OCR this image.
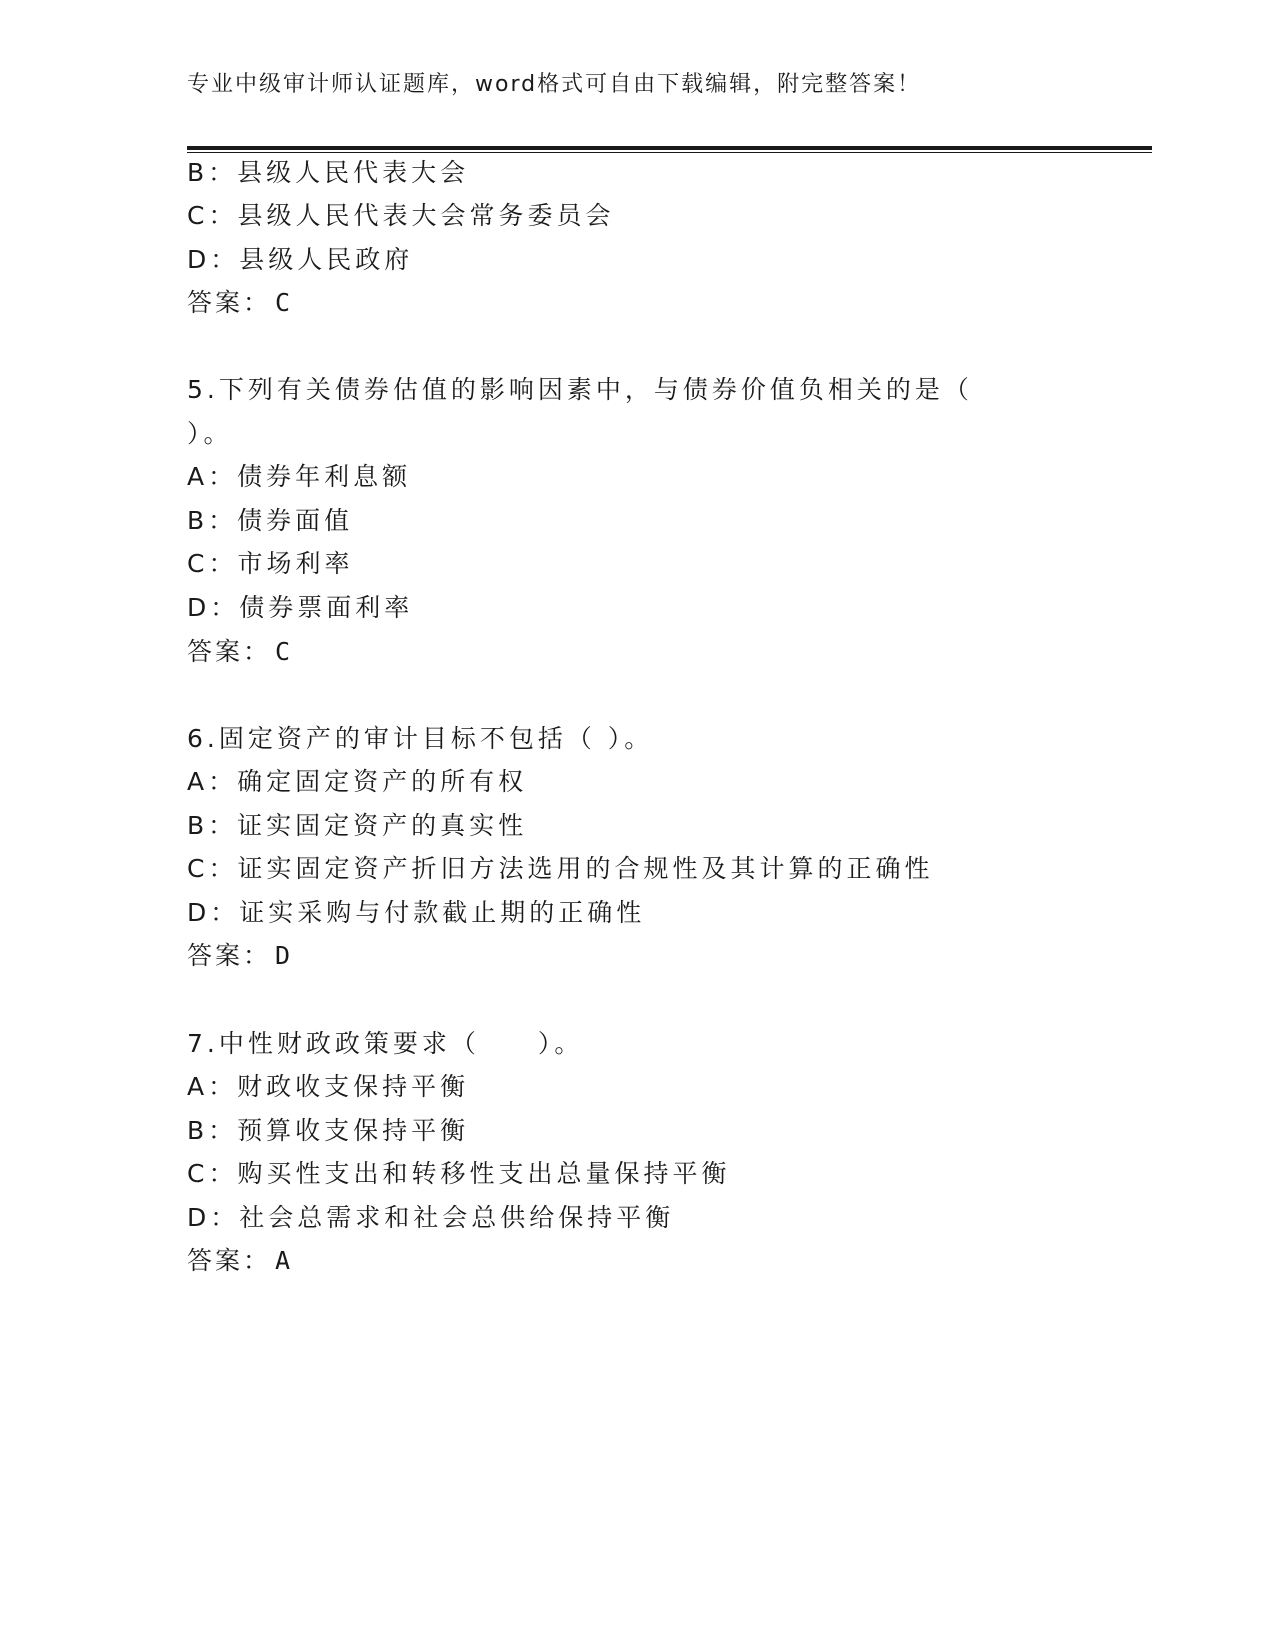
专业中级审计师认证题库，word格式可自由下载编辑，附完整答案！
B：县级人民代表大会
C：县级人民代表大会常务委员会
D：县级人民政府
答案： C
5.下列有关债券估值的影响因素中，与债券价值负相关的是（
）。
A：债券年利息额
B：债券面值
C：市场利率
D：债券票面利率
答案： C
6.固定资产的审计目标不包括（ ）。
A：确定固定资产的所有权
B：证实固定资产的真实性
C：证实固定资产折旧方法选用的合规性及其计算的正确性
D：证实采购与付款截止期的正确性
答案： D
7.中性财政政策要求（　　）。
A：财政收支保持平衡
B：预算收支保持平衡
C：购买性支出和转移性支出总量保持平衡
D：社会总需求和社会总供给保持平衡
答案： A
